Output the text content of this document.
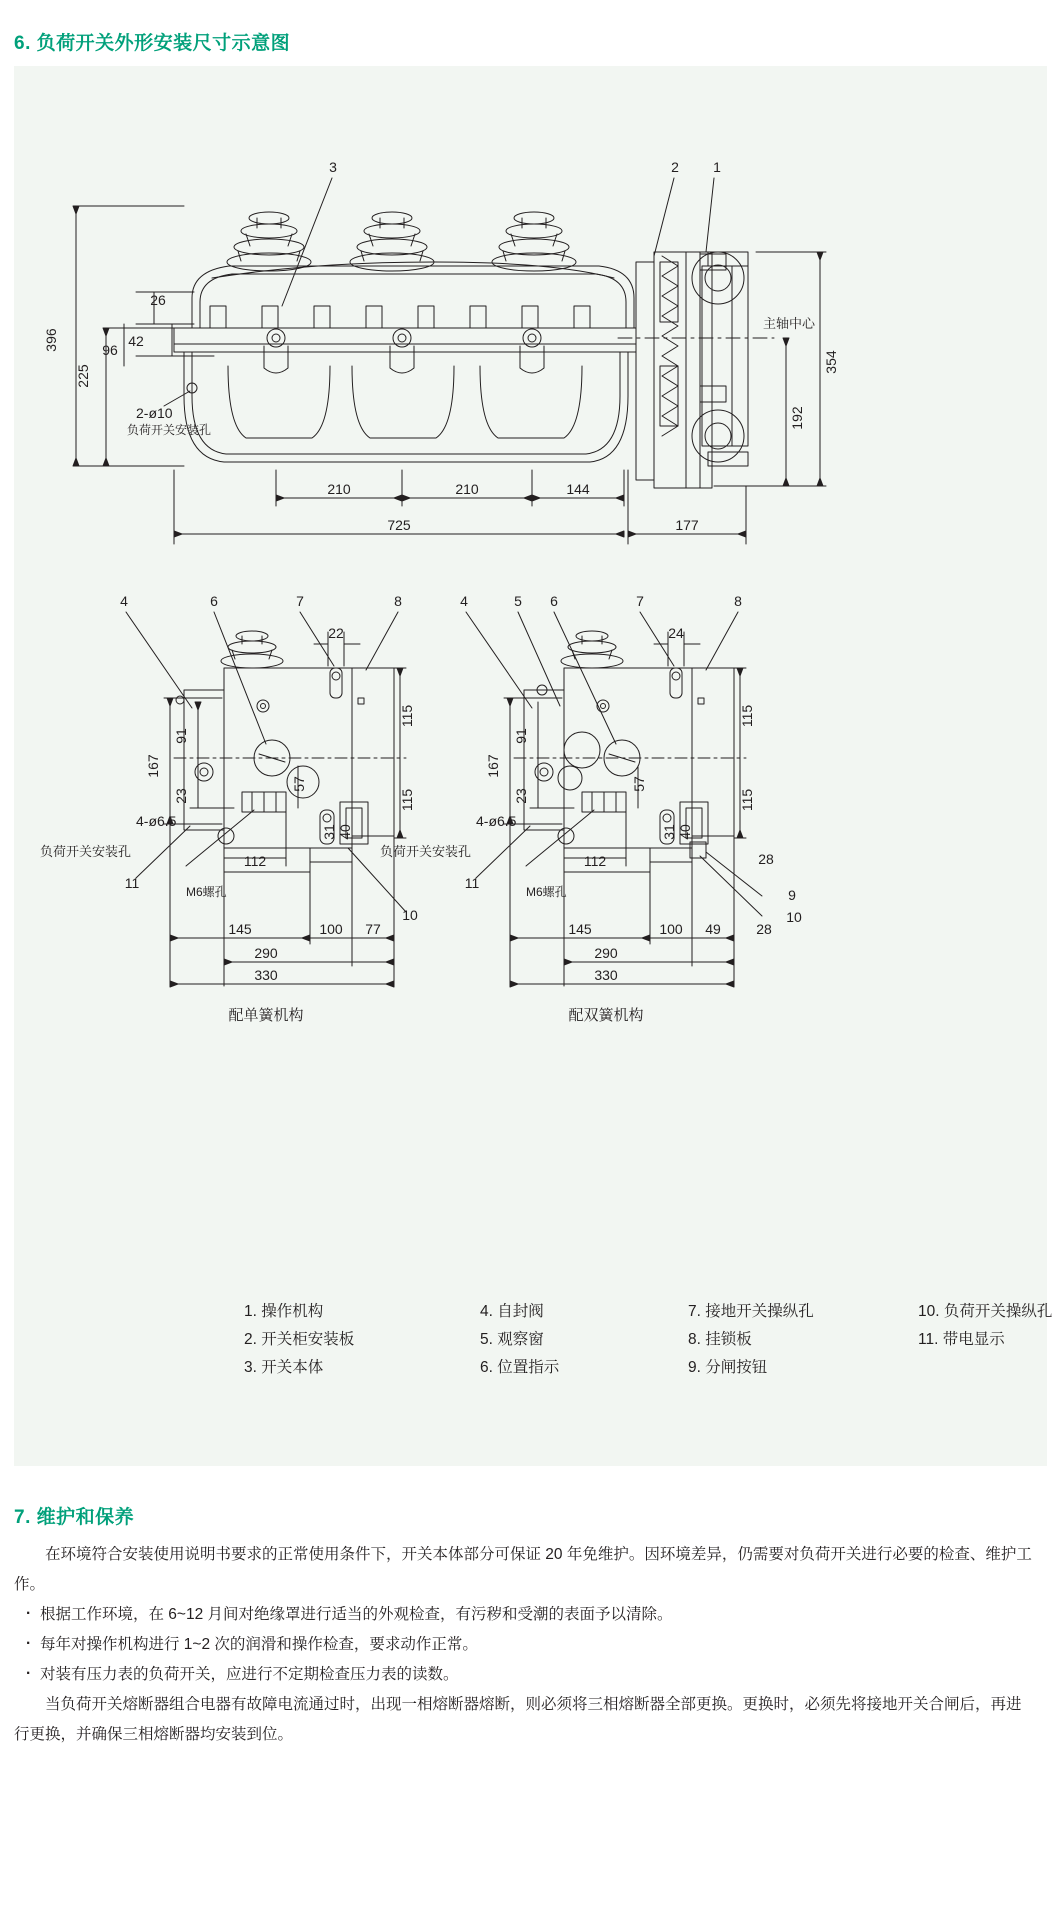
6. 负荷开关外形安装尺寸示意图
3	2 1
396
225
26
42
96
210	210	144
725	177
354
192
主轴中心
2-ø10
负荷开关安装孔
4	6	7	8
22
167
91
23
115
115
57
31 40
112
145	100 77
290
330
4-ø6.5
负荷开关安装孔
11
M6螺孔
10
配单簧机构
4	5 6	7	8
24
167
91
23
115
115
57
31 40
28
112
145	100 49	28
290
330
4-ø6.5
负荷开关安装孔
11
M6螺孔	9
10
配双簧机构
1. 操作机构
2. 开关柜安装板
3. 开关本体
4. 自封阀
5. 观察窗
6. 位置指示
7. 接地开关操纵孔
8. 挂锁板
9. 分闸按钮
10. 负荷开关操纵孔
11. 带电显示
7. 维护和保养

在环境符合安装使用说明书要求的正常使用条件下，开关本体部分可保证 20 年免维护。因环境差异，仍需要对负荷开关进行必要的检查、维护工作。

· 根据工作环境，在 6~12 月间对绝缘罩进行适当的外观检查，有污秽和受潮的表面予以清除。
· 每年对操作机构进行 1~2 次的润滑和操作检查，要求动作正常。
· 对装有压力表的负荷开关，应进行不定期检查压力表的读数。

当负荷开关熔断器组合电器有故障电流通过时，出现一相熔断器熔断，则必须将三相熔断器全部更换。更换时，必须先将接地开关合闸后，再进行更换，并确保三相熔断器均安装到位。
